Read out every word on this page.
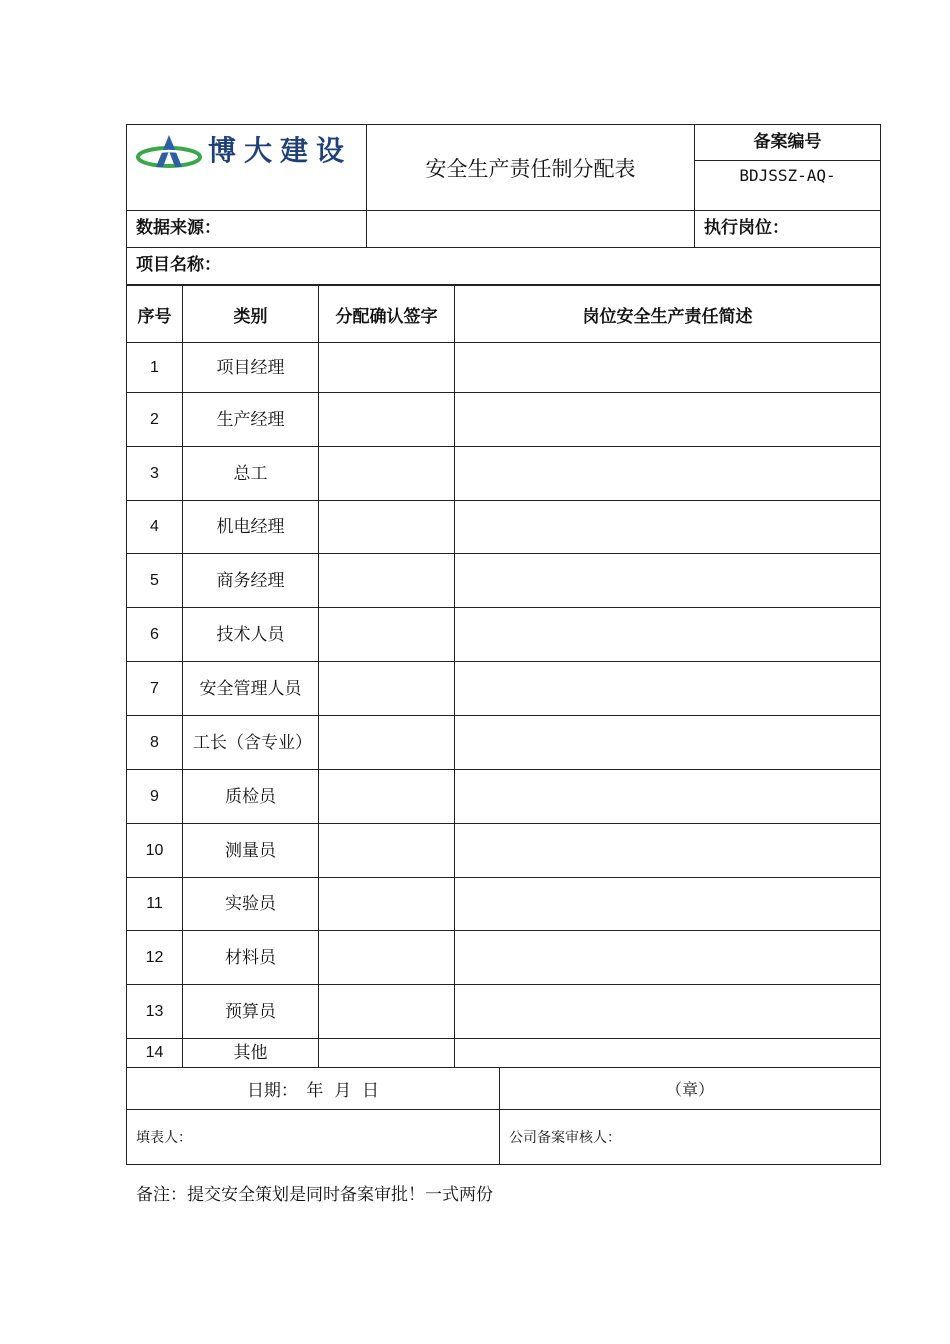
博大建设
安全生产责任制分配表
备案编号
BDJSSZ-AQ-
数据来源：	执行岗位：
项目名称：
序号	类别	分配确认签字	岗位安全生产责任简述
1	项目经理
2	生产经理
3	总工
4	机电经理
5	商务经理
6	技术人员
7	安全管理人员
8	工长（含专业）
9	质检员
10	测量员
11	实验员
12	材料员
13	预算员
14	其他
日期：　年  月  日	（章）
填表人：	公司备案审核人：
备注：提交安全策划是同时备案审批！一式两份
